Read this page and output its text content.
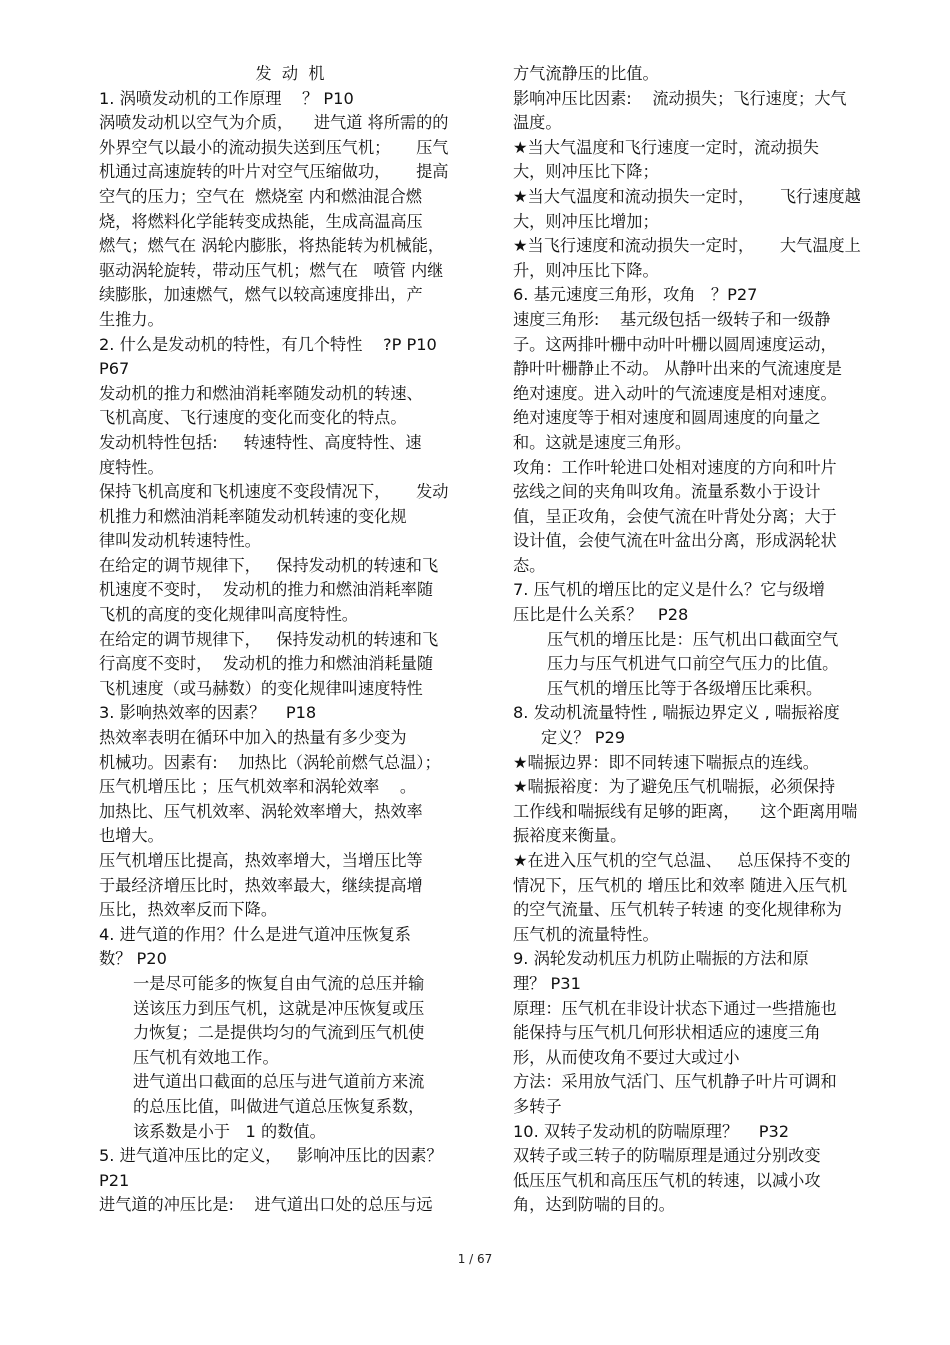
发  动  机

1. 涡喷发动机的工作原理    ？ P10

涡喷发动机以空气为介质，    进气道 将所需的的

外界空气以最小的流动损失送到压气机；     压气

机通过高速旋转的叶片对空气压缩做功，     提高

空气的压力；空气在  燃烧室 内和燃油混合燃

烧，将燃料化学能转变成热能，生成高温高压

燃气；燃气在 涡轮内膨胀，将热能转为机械能，

驱动涡轮旋转，带动压气机；燃气在   喷管 内继

续膨胀，加速燃气，燃气以较高速度排出，产

生推力。

2. 什么是发动机的特性，有几个特性    ?P P10

P67

发动机的推力和燃油消耗率随发动机的转速、

飞机高度、飞行速度的变化而变化的特点。

发动机特性包括:     转速特性、高度特性、速

度特性。

保持飞机高度和飞机速度不变段情况下，     发动

机推力和燃油消耗率随发动机转速的变化规

律叫发动机转速特性。

在给定的调节规律下，   保持发动机的转速和飞

机速度不变时，  发动机的推力和燃油消耗率随

飞机的高度的变化规律叫高度特性。

在给定的调节规律下，   保持发动机的转速和飞

行高度不变时，  发动机的推力和燃油消耗量随

飞机速度（或马赫数）的变化规律叫速度特性

3. 影响热效率的因素？    P18

热效率表明在循环中加入的热量有多少变为

机械功。因素有:    加热比（涡轮前燃气总温）；

压气机增压比 ；压气机效率和涡轮效率    。

加热比、压气机效率、涡轮效率增大，热效率

也增大。

压气机增压比提高，热效率增大，当增压比等

于最经济增压比时，热效率最大，继续提高增

压比，热效率反而下降。

4. 进气道的作用？什么是进气道冲压恢复系

数？ P20

一是尽可能多的恢复自由气流的总压并输

送该压力到压气机，这就是冲压恢复或压

力恢复；二是提供均匀的气流到压气机使

压气机有效地工作。

进气道出口截面的总压与进气道前方来流

的总压比值，叫做进气道总压恢复系数，

该系数是小于   1 的数值。

5. 进气道冲压比的定义，   影响冲压比的因素？

P21

进气道的冲压比是:    进气道出口处的总压与远

方气流静压的比值。

影响冲压比因素:    流动损失；飞行速度；大气

温度。

★当大气温度和飞行速度一定时，流动损失

大，则冲压比下降；

★当大气温度和流动损失一定时，     飞行速度越

大，则冲压比增加；

★当飞行速度和流动损失一定时，     大气温度上

升，则冲压比下降。

6. 基元速度三角形，攻角   ？P27

速度三角形:    基元级包括一级转子和一级静

子。这两排叶栅中动叶叶栅以圆周速度运动，

静叶叶栅静止不动。 从静叶出来的气流速度是

绝对速度。进入动叶的气流速度是相对速度。

绝对速度等于相对速度和圆周速度的向量之

和。这就是速度三角形。

攻角：工作叶轮进口处相对速度的方向和叶片

弦线之间的夹角叫攻角。流量系数小于设计

值，呈正攻角，会使气流在叶背处分离；大于

设计值，会使气流在叶盆出分离，形成涡轮状

态。

7. 压气机的增压比的定义是什么？它与级增

压比是什么关系？   P28

压气机的增压比是：压气机出口截面空气

压力与压气机进气口前空气压力的比值。

压气机的增压比等于各级增压比乘积。

8. 发动机流量特性 , 喘振边界定义 , 喘振裕度

定义？ P29

★喘振边界：即不同转速下喘振点的连线。

★喘振裕度：为了避免压气机喘振，必须保持

工作线和喘振线有足够的距离，    这个距离用喘

振裕度来衡量。

★在进入压气机的空气总温、   总压保持不变的

情况下，压气机的 增压比和效率 随进入压气机

的空气流量、压气机转子转速 的变化规律称为

压气机的流量特性。

9. 涡轮发动机压力机防止喘振的方法和原

理？ P31

原理：压气机在非设计状态下通过一些措施也

能保持与压气机几何形状相适应的速度三角

形，从而使攻角不要过大或过小

方法：采用放气活门、压气机静子叶片可调和

多转子

10. 双转子发动机的防喘原理？    P32

双转子或三转子的防喘原理是通过分别改变

低压压气机和高压压气机的转速，以减小攻

角，达到防喘的目的。

1 / 67
